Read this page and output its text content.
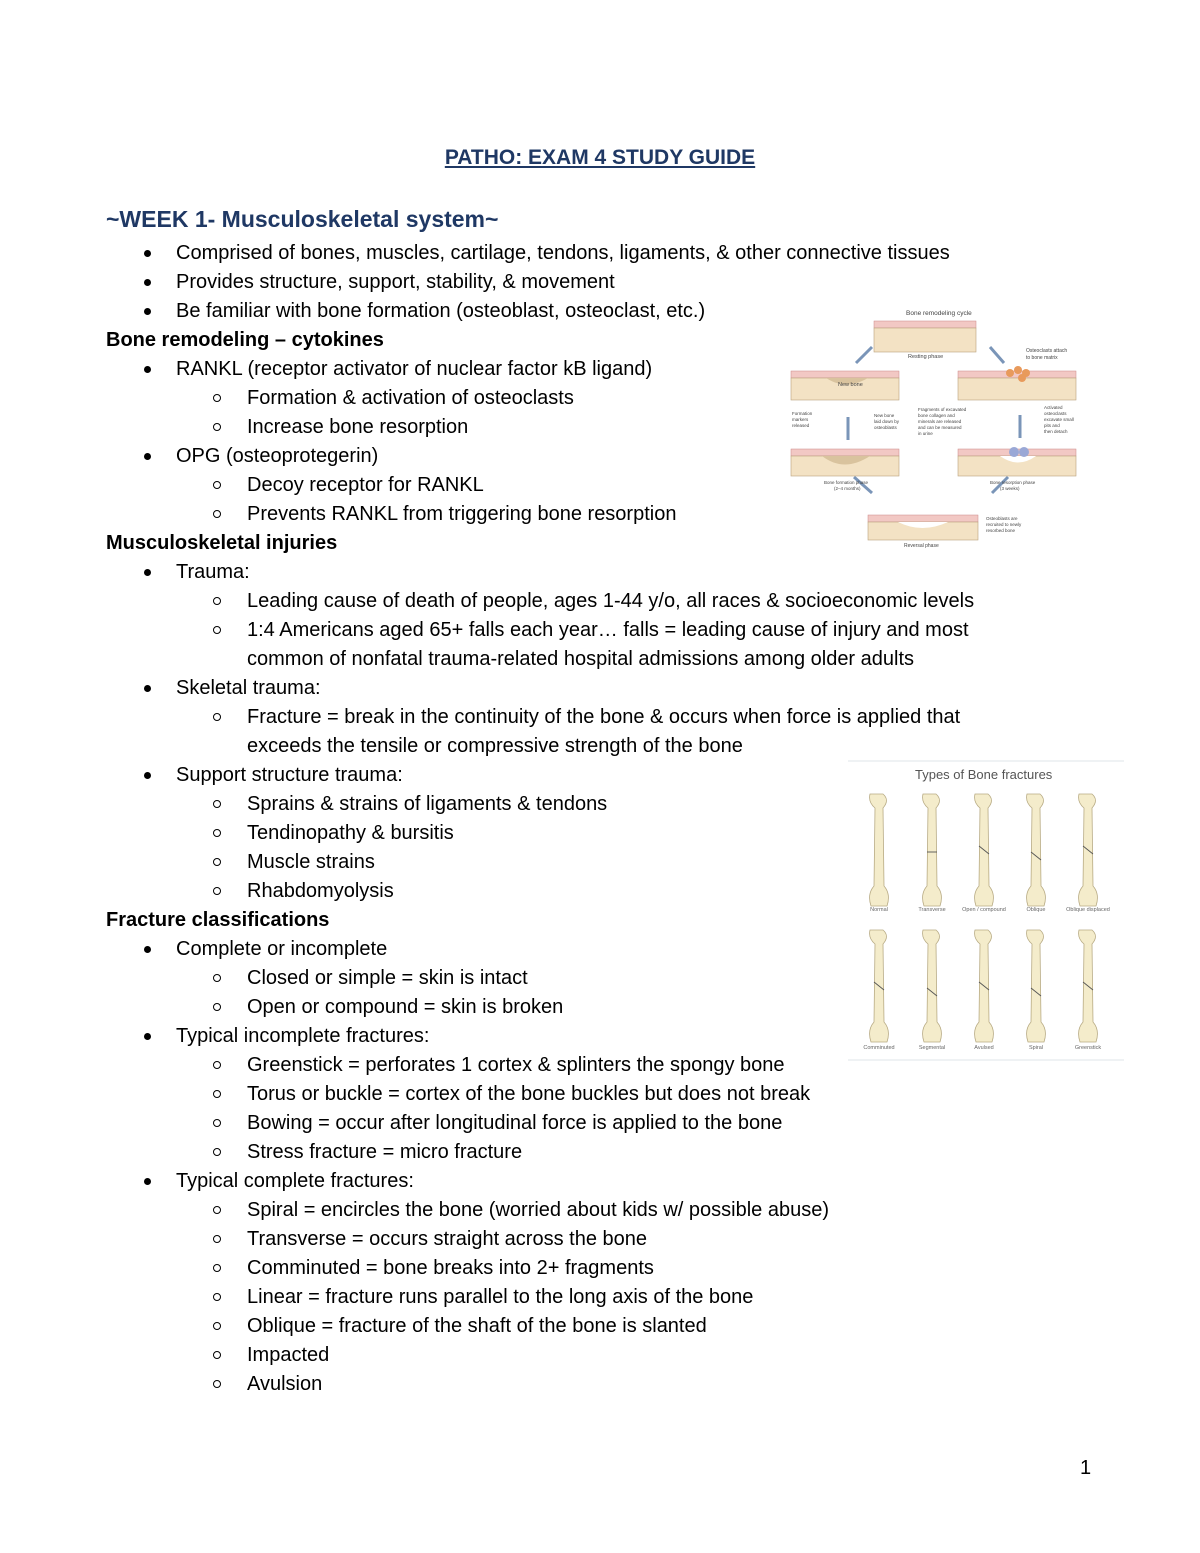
PATHO: EXAM 4 STUDY GUIDE
~WEEK 1- Musculoskeletal system~
Comprised of bones, muscles, cartilage, tendons, ligaments, & other connective tissues
Provides structure, support, stability, & movement
Be familiar with bone formation (osteoblast, osteoclast, etc.)
Bone remodeling – cytokines
RANKL (receptor activator of nuclear factor kB ligand)
Formation & activation of osteoclasts
Increase bone resorption
OPG (osteoprotegerin)
Decoy receptor for RANKL
Prevents RANKL from triggering bone resorption
Musculoskeletal injuries
Trauma:
Leading cause of death of people, ages 1-44 y/o, all races & socioeconomic levels
1:4 Americans aged 65+ falls each year… falls = leading cause of injury and most
common of nonfatal trauma-related hospital admissions among older adults
Skeletal trauma:
Fracture = break in the continuity of the bone & occurs when force is applied that
exceeds the tensile or compressive strength of the bone
Support structure trauma:
Sprains & strains of ligaments & tendons
Tendinopathy & bursitis
Muscle strains
Rhabdomyolysis
Fracture classifications
Complete or incomplete
Closed or simple = skin is intact
Open or compound = skin is broken
Typical incomplete fractures:
Greenstick = perforates 1 cortex & splinters the spongy bone
Torus or buckle = cortex of the bone buckles but does not break
Bowing = occur after longitudinal force is applied to the bone
Stress fracture = micro fracture
Typical complete fractures:
Spiral = encircles the bone (worried about kids w/ possible abuse)
Transverse = occurs straight across the bone
Comminuted = bone breaks into 2+ fragments
Linear = fracture runs parallel to the long axis of the bone
Oblique = fracture of the shaft of the bone is slanted
Impacted
Avulsion
Bone remodeling cycle
Resting phase
New bone
Osteoclasts attach to bone matrix
Formation markers released
New bone laid down by osteoblasts
Fragments of excavated bone collagen and minerals are released and can be measured in urine
Activated osteoclasts excavate small pits and then detach
Bone formation phase (2–4 months)
Bone resorption phase (3 weeks)
Reversal phase
Osteoblasts are recruited to newly resorbed bone
Types of Bone fractures
Normal	Transverse	Open / compound	Oblique	Oblique displaced
Comminuted	Segmental	Avulsed	Spiral	Greenstick
1
